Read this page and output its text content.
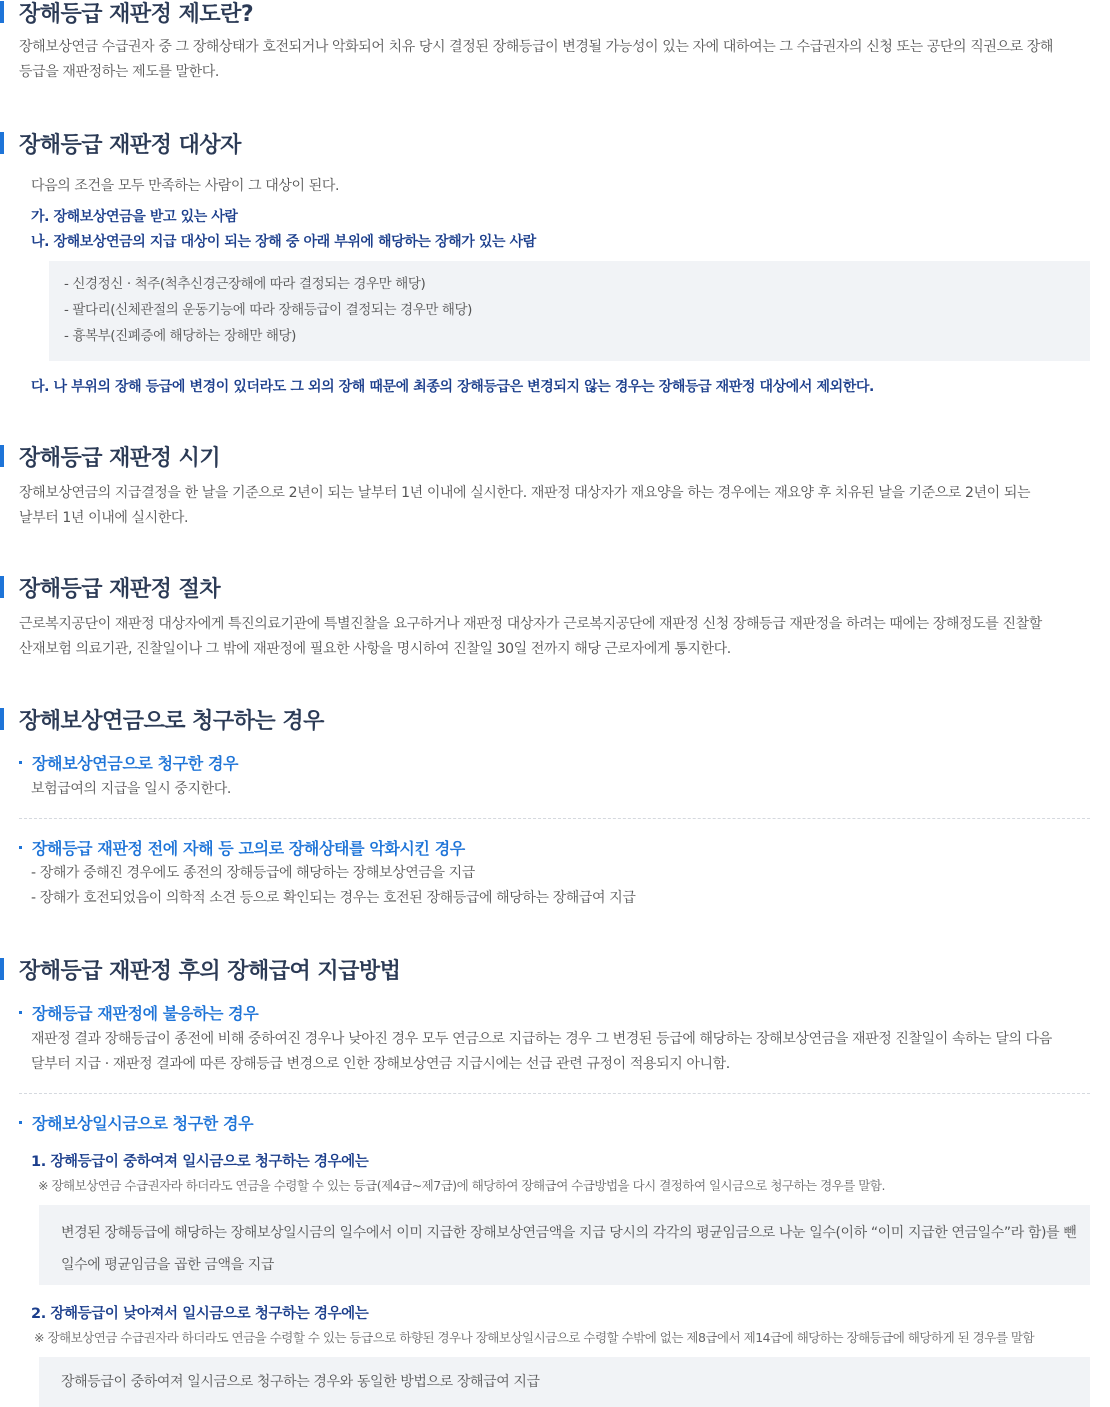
장해등급 재판정 제도란?
장해보상연금 수급권자 중 그 장해상태가 호전되거나 악화되어 치유 당시 결정된 장해등급이 변경될 가능성이 있는 자에 대하여는 그 수급권자의 신청 또는 공단의 직권으로 장해
등급을 재판정하는 제도를 말한다.
장해등급 재판정 대상자
다음의 조건을 모두 만족하는 사람이 그 대상이 된다.
가. 장해보상연금을 받고 있는 사람
나. 장해보상연금의 지급 대상이 되는 장해 중 아래 부위에 해당하는 장해가 있는 사람
- 신경정신 · 척주(척추신경근장해에 따라 결정되는 경우만 해당)
- 팔다리(신체관절의 운동기능에 따라 장해등급이 결정되는 경우만 해당)
- 흉복부(진폐증에 해당하는 장해만 해당)
다. 나 부위의 장해 등급에 변경이 있더라도 그 외의 장해 때문에 최종의 장해등급은 변경되지 않는 경우는 장해등급 재판정 대상에서 제외한다.
장해등급 재판정 시기
장해보상연금의 지급결정을 한 날을 기준으로 2년이 되는 날부터 1년 이내에 실시한다. 재판정 대상자가 재요양을 하는 경우에는 재요양 후 치유된 날을 기준으로 2년이 되는
날부터 1년 이내에 실시한다.
장해등급 재판정 절차
근로복지공단이 재판정 대상자에게 특진의료기관에 특별진찰을 요구하거나 재판정 대상자가 근로복지공단에 재판정 신청 장해등급 재판정을 하려는 때에는 장해정도를 진찰할
산재보험 의료기관, 진찰일이나 그 밖에 재판정에 필요한 사항을 명시하여 진찰일 30일 전까지 해당 근로자에게 통지한다.
장해보상연금으로 청구하는 경우
장해보상연금으로 청구한 경우
보험급여의 지급을 일시 중지한다.
장해등급 재판정 전에 자해 등 고의로 장해상태를 악화시킨 경우
- 장해가 중해진 경우에도 종전의 장해등급에 해당하는 장해보상연금을 지급
- 장해가 호전되었음이 의학적 소견 등으로 확인되는 경우는 호전된 장해등급에 해당하는 장해급여 지급
장해등급 재판정 후의 장해급여 지급방법
장해등급 재판정에 불응하는 경우
재판정 결과 장해등급이 종전에 비해 중하여진 경우나 낮아진 경우 모두 연금으로 지급하는 경우 그 변경된 등급에 해당하는 장해보상연금을 재판정 진찰일이 속하는 달의 다음
달부터 지급 · 재판정 결과에 따른 장해등급 변경으로 인한 장해보상연금 지급시에는 선급 관련 규정이 적용되지 아니함.
장해보상일시금으로 청구한 경우
1. 장해등급이 중하여져 일시금으로 청구하는 경우에는
※ 장해보상연금 수급권자라 하더라도 연금을 수령할 수 있는 등급(제4급∼제7급)에 해당하여 장해급여 수급방법을 다시 결정하여 일시금으로 청구하는 경우를 말함.
변경된 장해등급에 해당하는 장해보상일시금의 일수에서 이미 지급한 장해보상연금액을 지급 당시의 각각의 평균임금으로 나눈 일수(이하 “이미 지급한 연금일수”라 함)를 뺀
일수에 평균임금을 곱한 금액을 지급
2. 장해등급이 낮아져서 일시금으로 청구하는 경우에는
※ 장해보상연금 수급권자라 하더라도 연금을 수령할 수 있는 등급으로 하향된 경우나 장해보상일시금으로 수령할 수밖에 없는 제8급에서 제14급에 해당하는 장해등급에 해당하게 된 경우를 말함
장해등급이 중하여져 일시금으로 청구하는 경우와 동일한 방법으로 장해급여 지급
